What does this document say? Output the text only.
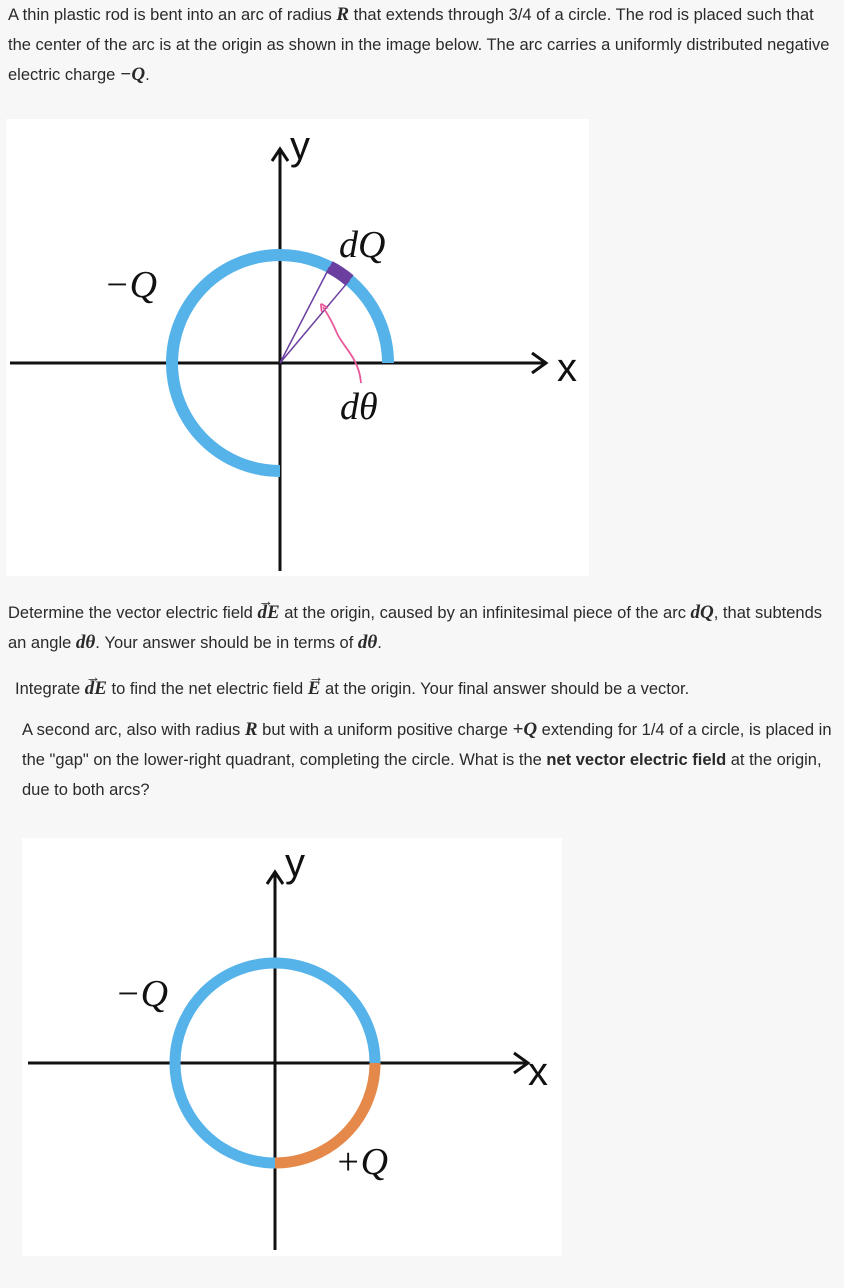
A thin plastic rod is bent into an arc of radius R that extends through 3/4 of a circle. The rod is placed such that the center of the arc is at the origin as shown in the image below. The arc carries a uniformly distributed negative electric charge −Q.
y
x
−Q
dQ
dθ
Determine the vector electric field → dE at the origin, caused by an infinitesimal piece of the arc dQ, that subtends an angle dθ. Your answer should be in terms of dθ.
Integrate → dE to find the net electric field → E at the origin. Your final answer should be a vector.
A second arc, also with radius R but with a uniform positive charge +Q extending for 1/4 of a circle, is placed in the "gap" on the lower-right quadrant, completing the circle. What is the net vector electric field at the origin, due to both arcs?
y
x
−Q
+Q
